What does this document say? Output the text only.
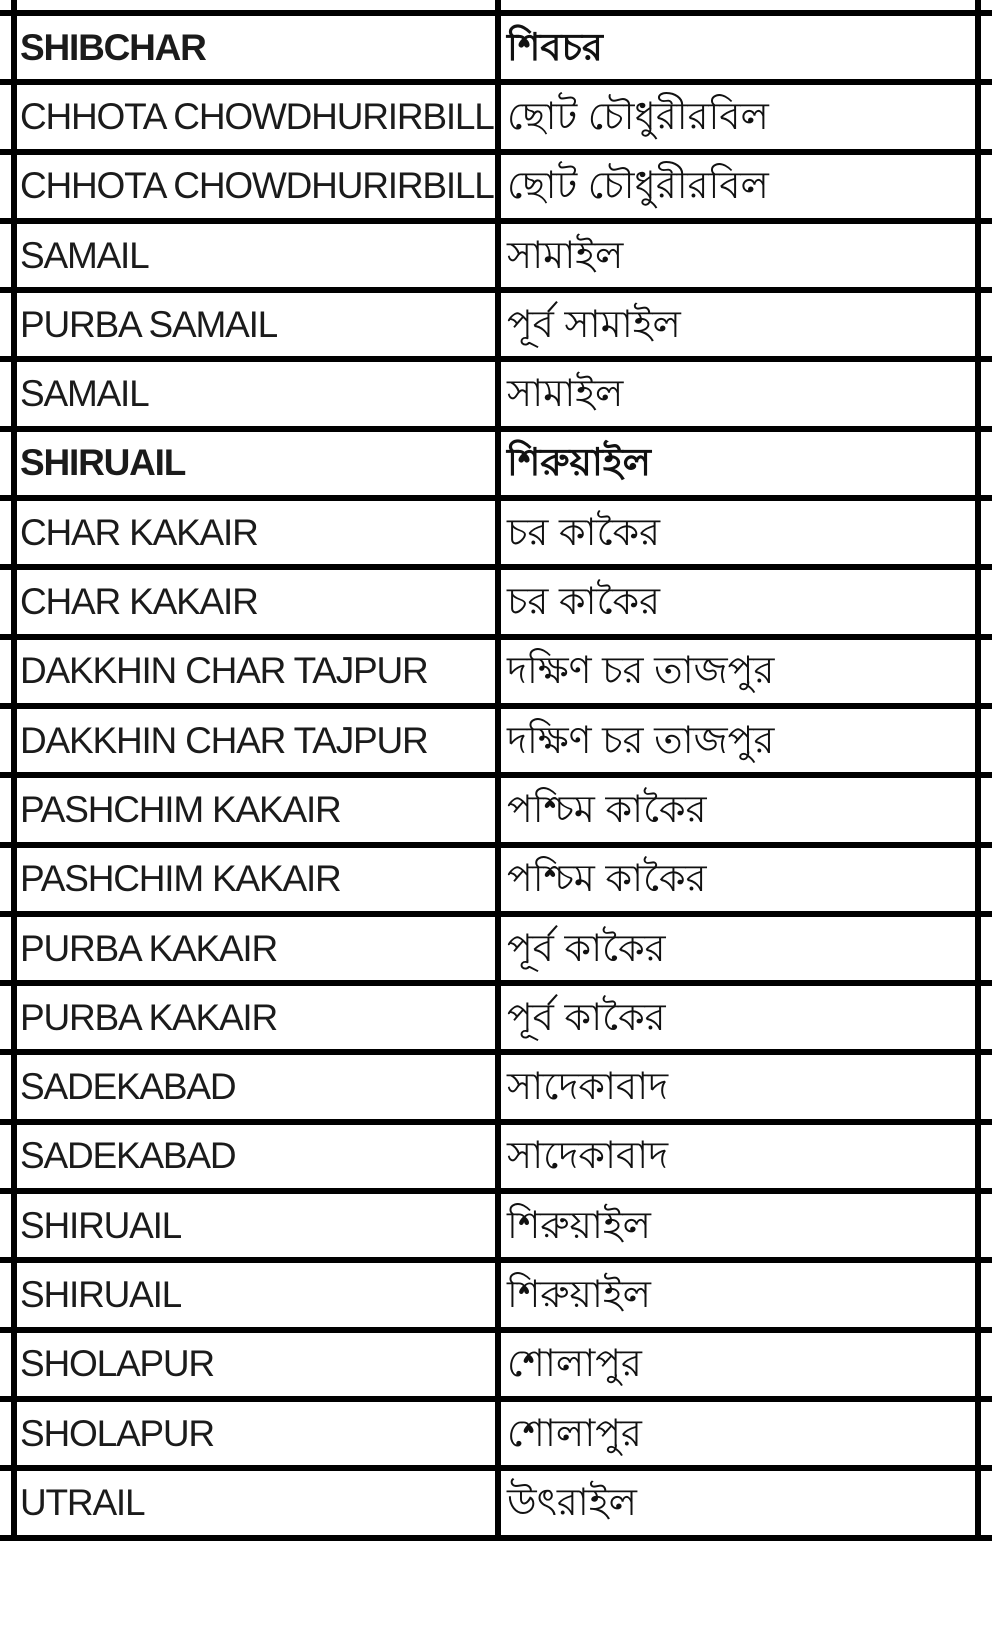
SHIBCHAR	শিবচর
CHHOTA CHOWDHURIRBILL ছোট চৌধুরীরবিল
CHHOTA CHOWDHURIRBILL ছোট চৌধুরীরবিল
SAMAIL	সামাইল
PURBA SAMAIL	পূর্ব সামাইল
SAMAIL	সামাইল
SHIRUAIL	শিরুয়াইল
CHAR KAKAIR	চর কাকৈর
CHAR KAKAIR	চর কাকৈর
DAKKHIN CHAR TAJPUR দক্ষিণ চর তাজপুর
DAKKHIN CHAR TAJPUR দক্ষিণ চর তাজপুর
PASHCHIM KAKAIR	পশ্চিম কাকৈর
PASHCHIM KAKAIR	পশ্চিম কাকৈর
PURBA KAKAIR	পূর্ব কাকৈর
PURBA KAKAIR	পূর্ব কাকৈর
SADEKABAD	সাদেকাবাদ
SADEKABAD	সাদেকাবাদ
SHIRUAIL	শিরুয়াইল
SHIRUAIL	শিরুয়াইল
SHOLAPUR	শোলাপুর
SHOLAPUR	শোলাপুর
UTRAIL	উৎরাইল
